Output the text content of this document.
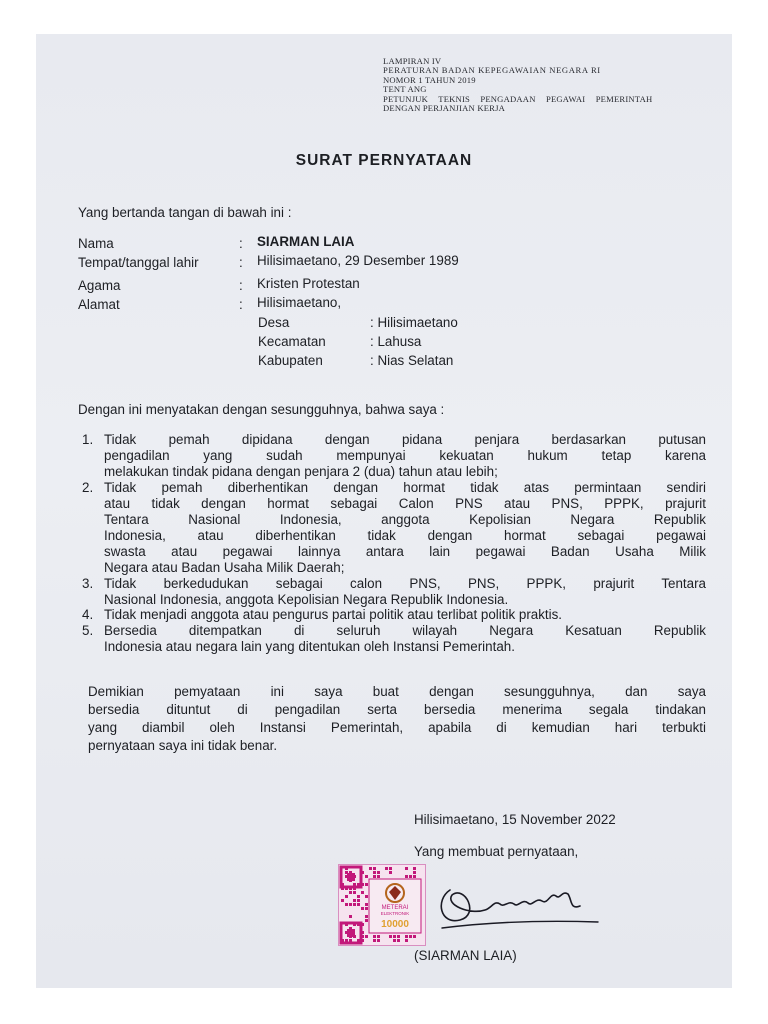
LAMPIRAN IV
PERATURAN BADAN KEPEGAWAIAN NEGARA RI
NOMOR 1 TAHUN 2019
TENT ANG
PETUNJUK TEKNIS PENGADAAN PEGAWAI PEMERINTAH
DENGAN PERJANJIAN KERJA
SURAT PERNYATAAN
Yang bertanda tangan di bawah ini :
Nama	: SIARMAN LAIA
Tempat/tanggal lahir	: Hilisimaetano, 29 Desember 1989
Agama	: Kristen Protestan
Alamat	: Hilisimaetano,
Desa	: Hilisimaetano
Kecamatan	: Lahusa
Kabupaten	: Nias Selatan
Dengan ini menyatakan dengan sesungguhnya, bahwa saya :
1. Tidak pemah dipidana dengan pidana penjara berdasarkan putusan
pengadilan yang sudah mempunyai kekuatan hukum tetap karena
melakukan tindak pidana dengan penjara 2 (dua) tahun atau lebih;
2. Tidak pemah diberhentikan dengan hormat tidak atas permintaan sendiri
atau tidak dengan hormat sebagai Calon PNS atau PNS, PPPK, prajurit
Tentara Nasional Indonesia, anggota Kepolisian Negara Republik
Indonesia, atau diberhentikan tidak dengan hormat sebagai pegawai
swasta atau pegawai lainnya antara lain pegawai Badan Usaha Milik
Negara atau Badan Usaha Milik Daerah;
3. Tidak berkedudukan sebagai calon PNS, PNS, PPPK, prajurit Tentara
Nasional Indonesia, anggota Kepolisian Negara Republik Indonesia.
4. Tidak menjadi anggota atau pengurus partai politik atau terlibat politik praktis.
5. Bersedia ditempatkan di seluruh wilayah Negara Kesatuan Republik
Indonesia atau negara lain yang ditentukan oleh Instansi Pemerintah.
Demikian pemyataan ini saya buat dengan sesungguhnya, dan saya
bersedia dituntut di pengadilan serta bersedia menerima segala tindakan
yang diambil oleh Instansi Pemerintah, apabila di kemudian hari terbukti
pernyataan saya ini tidak benar.
Hilisimaetano, 15 November 2022
Yang membuat pernyataan,
METERAI
ELEKTRONIK
10000
(SIARMAN LAIA)
